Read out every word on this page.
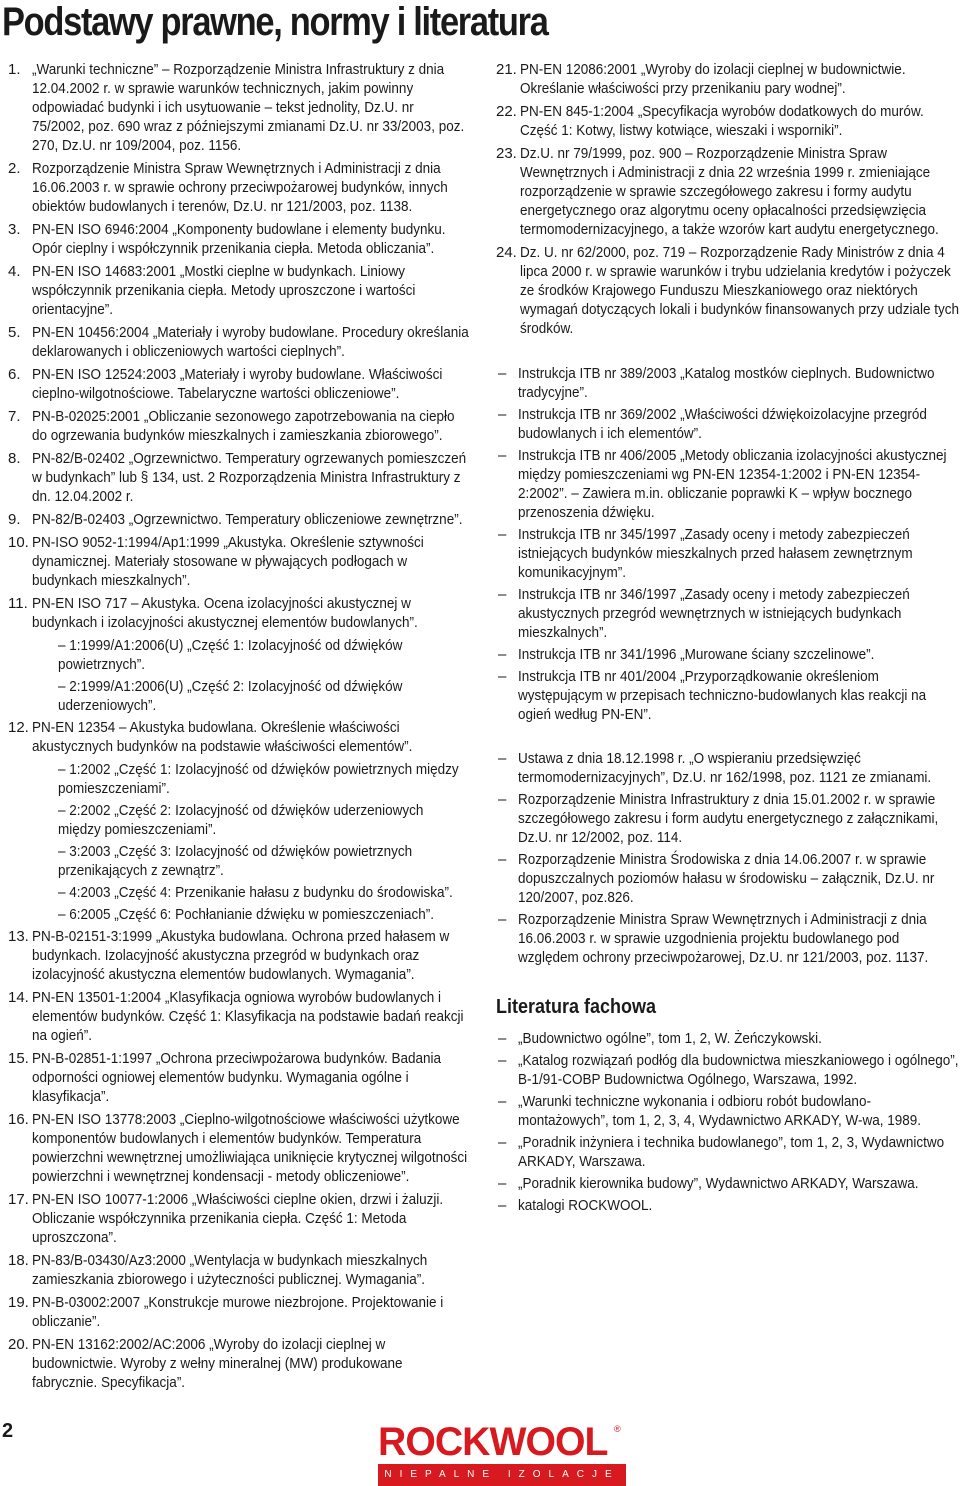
Podstawy prawne, normy i literatura
1. „Warunki techniczne” – Rozporządzenie Ministra Infrastruktury z dnia 12.04.2002 r. w sprawie warunków technicznych, jakim powinny odpowiadać budynki i ich usytuowanie – tekst jednolity, Dz.U. nr 75/2002, poz. 690 wraz z późniejszymi zmianami Dz.U. nr 33/2003, poz. 270, Dz.U. nr 109/2004, poz. 1156.
2. Rozporządzenie Ministra Spraw Wewnętrznych i Administracji z dnia 16.06.2003 r. w sprawie ochrony przeciwpożarowej budynków, innych obiektów budowlanych i terenów, Dz.U. nr 121/2003, poz. 1138.
3. PN-EN ISO 6946:2004 „Komponenty budowlane i elementy budynku. Opór cieplny i współczynnik przenikania ciepła. Metoda obliczania”.
4. PN-EN ISO 14683:2001 „Mostki cieplne w budynkach. Liniowy współczynnik przenikania ciepła. Metody uproszczone i wartości orientacyjne”.
5. PN-EN 10456:2004 „Materiały i wyroby budowlane. Procedury określania deklarowanych i obliczeniowych wartości cieplnych”.
6. PN-EN ISO 12524:2003 „Materiały i wyroby budowlane. Właściwości cieplno-wilgotnościowe. Tabelaryczne wartości obliczeniowe”.
7. PN-B-02025:2001 „Obliczanie sezonowego zapotrzebowania na ciepło do ogrzewania budynków mieszkalnych i zamieszkania zbiorowego”.
8. PN-82/B-02402 „Ogrzewnictwo. Temperatury ogrzewanych pomieszczeń w budynkach” lub § 134, ust. 2 Rozporządzenia Ministra Infrastruktury z dn. 12.04.2002 r.
9. PN-82/B-02403 „Ogrzewnictwo. Temperatury obliczeniowe zewnętrzne”.
10. PN-ISO 9052-1:1994/Ap1:1999 „Akustyka. Określenie sztywności dynamicznej. Materiały stosowane w pływających podłogach w budynkach mieszkalnych”.
11. PN-EN ISO 717 – Akustyka. Ocena izolacyjności akustycznej w budynkach i izolacyjności akustycznej elementów budowlanych”.
– 1:1999/A1:2006(U) „Część 1: Izolacyjność od dźwięków powietrznych”.
– 2:1999/A1:2006(U) „Część 2: Izolacyjność od dźwięków uderzeniowych”.
12. PN-EN 12354 – Akustyka budowlana. Określenie właściwości akustycznych budynków na podstawie właściwości elementów”.
– 1:2002 „Część 1: Izolacyjność od dźwięków powietrznych między pomieszczeniami”.
– 2:2002 „Część 2: Izolacyjność od dźwięków uderzeniowych między pomieszczeniami”.
– 3:2003 „Część 3: Izolacyjność od dźwięków powietrznych przenikających z zewnątrz”.
– 4:2003 „Część 4: Przenikanie hałasu z budynku do środowiska”.
– 6:2005 „Część 6: Pochłanianie dźwięku w pomieszczeniach”.
13. PN-B-02151-3:1999 „Akustyka budowlana. Ochrona przed hałasem w budynkach. Izolacyjność akustyczna przegród w budynkach oraz izolacyjność akustyczna elementów budowlanych. Wymagania”.
14. PN-EN 13501-1:2004 „Klasyfikacja ogniowa wyrobów budowlanych i elementów budynków. Część 1: Klasyfikacja na podstawie badań reakcji na ogień”.
15. PN-B-02851-1:1997 „Ochrona przeciwpożarowa budynków. Badania odporności ogniowej elementów budynku. Wymagania ogólne i klasyfikacja”.
16. PN-EN ISO 13778:2003 „Cieplno-wilgotnościowe właściwości użytkowe komponentów budowlanych i elementów budynków. Temperatura powierzchni wewnętrznej umożliwiająca uniknięcie krytycznej wilgotności powierzchni i wewnętrznej kondensacji - metody obliczeniowe”.
17. PN-EN ISO 10077-1:2006 „Właściwości cieplne okien, drzwi i żaluzji. Obliczanie współczynnika przenikania ciepła. Część 1: Metoda uproszczona”.
18. PN-83/B-03430/Az3:2000 „Wentylacja w budynkach mieszkalnych zamieszkania zbiorowego i użyteczności publicznej. Wymagania”.
19. PN-B-03002:2007 „Konstrukcje murowe niezbrojone. Projektowanie i obliczanie”.
20. PN-EN 13162:2002/AC:2006 „Wyroby do izolacji cieplnej w budownictwie. Wyroby z wełny mineralnej (MW) produkowane fabrycznie. Specyfikacja”.
21. PN-EN 12086:2001 „Wyroby do izolacji cieplnej w budownictwie. Określanie właściwości przy przenikaniu pary wodnej”.
22. PN-EN 845-1:2004 „Specyfikacja wyrobów dodatkowych do murów. Część 1: Kotwy, listwy kotwiące, wieszaki i wsporniki”.
23. Dz.U. nr 79/1999, poz. 900 – Rozporządzenie Ministra Spraw Wewnętrznych i Administracji z dnia 22 września 1999 r. zmieniające rozporządzenie w sprawie szczegółowego zakresu i formy audytu energetycznego oraz algorytmu oceny opłacalności przedsięwzięcia termomodernizacyjnego, a także wzorów kart audytu energetycznego.
24. Dz. U. nr 62/2000, poz. 719 – Rozporządzenie Rady Ministrów z dnia 4 lipca 2000 r. w sprawie warunków i trybu udzielania kredytów i pożyczek ze środków Krajowego Funduszu Mieszkaniowego oraz niektórych wymagań dotyczących lokali i budynków finansowanych przy udziale tych środków.
– Instrukcja ITB nr 389/2003 „Katalog mostków cieplnych. Budownictwo tradycyjne”.
– Instrukcja ITB nr 369/2002 „Właściwości dźwiękoizolacyjne przegród budowlanych i ich elementów”.
– Instrukcja ITB nr 406/2005 „Metody obliczania izolacyjności akustycznej między pomieszczeniami wg PN-EN 12354-1:2002 i PN-EN 12354-2:2002”. – Zawiera m.in. obliczanie poprawki K – wpływ bocznego przenoszenia dźwięku.
– Instrukcja ITB nr 345/1997 „Zasady oceny i metody zabezpieczeń istniejących budynków mieszkalnych przed hałasem zewnętrznym komunikacyjnym”.
– Instrukcja ITB nr 346/1997 „Zasady oceny i metody zabezpieczeń akustycznych przegród wewnętrznych w istniejących budynkach mieszkalnych”.
– Instrukcja ITB nr 341/1996 „Murowane ściany szczelinowe”.
– Instrukcja ITB nr 401/2004 „Przyporządkowanie określeniom występującym w przepisach techniczno-budowlanych klas reakcji na ogień według PN-EN”.
– Ustawa z dnia 18.12.1998 r. „O wspieraniu przedsięwzięć termomodernizacyjnych”, Dz.U. nr 162/1998, poz. 1121 ze zmianami.
– Rozporządzenie Ministra Infrastruktury z dnia 15.01.2002 r. w sprawie szczegółowego zakresu i form audytu energetycznego z załącznikami, Dz.U. nr 12/2002, poz. 114.
– Rozporządzenie Ministra Środowiska z dnia 14.06.2007 r. w sprawie dopuszczalnych poziomów hałasu w środowisku – załącznik, Dz.U. nr 120/2007, poz.826.
– Rozporządzenie Ministra Spraw Wewnętrznych i Administracji z dnia 16.06.2003 r. w sprawie uzgodnienia projektu budowlanego pod względem ochrony przeciwpożarowej, Dz.U. nr 121/2003, poz. 1137.
Literatura fachowa
– „Budownictwo ogólne”, tom 1, 2, W. Żeńczykowski.
– „Katalog rozwiązań podłóg dla budownictwa mieszkaniowego i ogólnego”, B-1/91-COBP Budownictwa Ogólnego, Warszawa, 1992.
– „Warunki techniczne wykonania i odbioru robót budowlano-montażowych”, tom 1, 2, 3, 4, Wydawnictwo ARKADY, W-wa, 1989.
– „Poradnik inżyniera i technika budowlanego”, tom 1, 2, 3, Wydawnictwo ARKADY, Warszawa.
– „Poradnik kierownika budowy”, Wydawnictwo ARKADY, Warszawa.
– katalogi ROCKWOOL.
2	ROCKWOOL ®
NIEPALNE IZOLACJE
